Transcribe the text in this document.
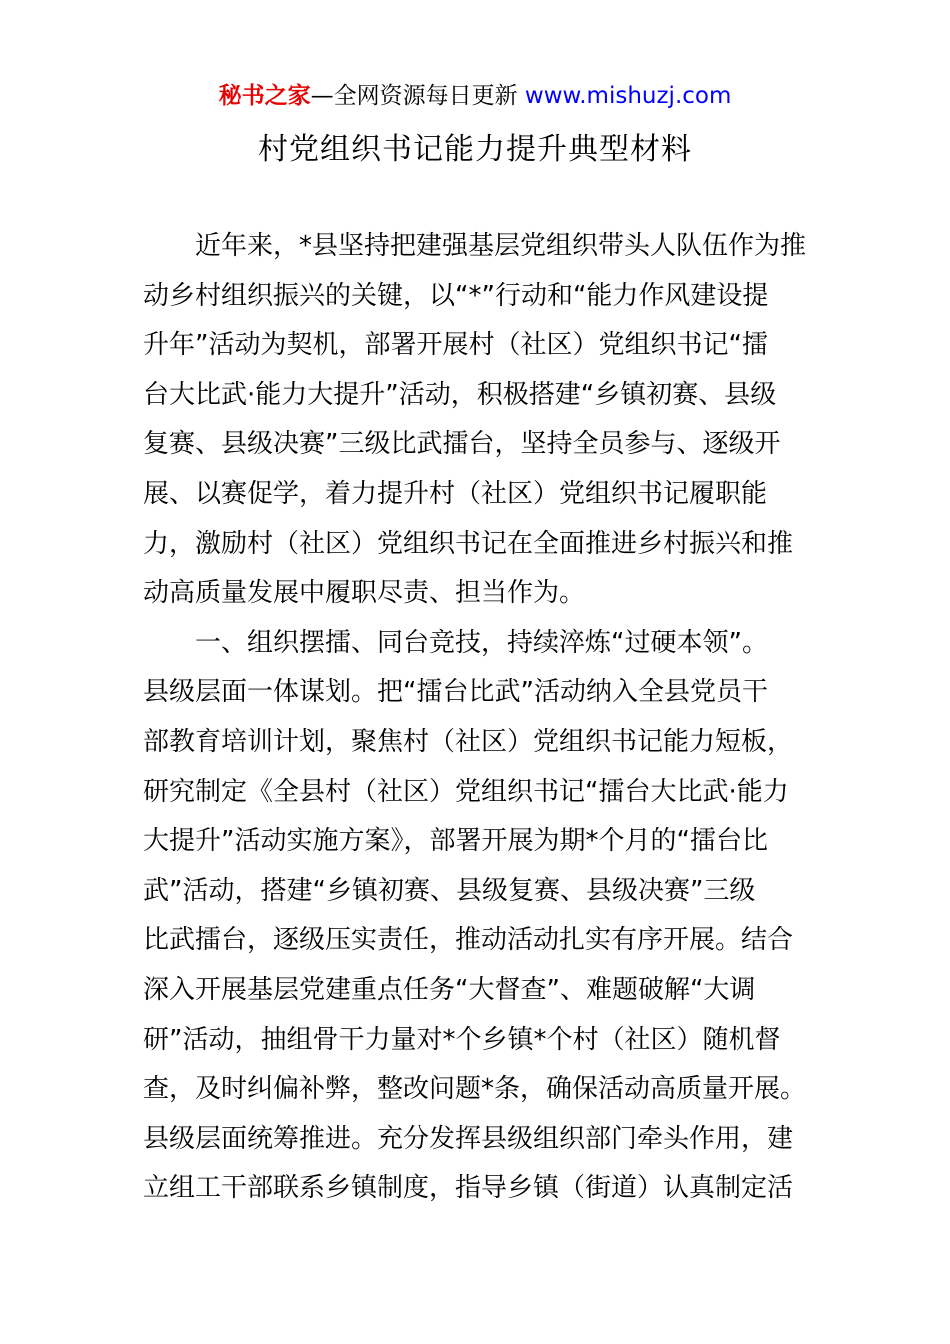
秘书之家—全网资源每日更新 www.mishuzj.com
村党组织书记能力提升典型材料
近年来，*县坚持把建强基层党组织带头人队伍作为推
动乡村组织振兴的关键，以“*”行动和“能力作风建设提
升年”活动为契机，部署开展村（社区）党组织书记“擂
台大比武·能力大提升”活动，积极搭建“乡镇初赛、县级
复赛、县级决赛”三级比武擂台，坚持全员参与、逐级开
展、以赛促学，着力提升村（社区）党组织书记履职能
力，激励村（社区）党组织书记在全面推进乡村振兴和推
动高质量发展中履职尽责、担当作为。
一、组织摆擂、同台竞技，持续淬炼“过硬本领”。
县级层面一体谋划。把“擂台比武”活动纳入全县党员干
部教育培训计划，聚焦村（社区）党组织书记能力短板，
研究制定《全县村（社区）党组织书记“擂台大比武·能力
大提升”活动实施方案》，部署开展为期*个月的“擂台比
武”活动，搭建“乡镇初赛、县级复赛、县级决赛”三级
比武擂台，逐级压实责任，推动活动扎实有序开展。结合
深入开展基层党建重点任务“大督查”、难题破解“大调
研”活动，抽组骨干力量对*个乡镇*个村（社区）随机督
查，及时纠偏补弊，整改问题*条，确保活动高质量开展。
县级层面统筹推进。充分发挥县级组织部门牵头作用，建
立组工干部联系乡镇制度，指导乡镇（街道）认真制定活
